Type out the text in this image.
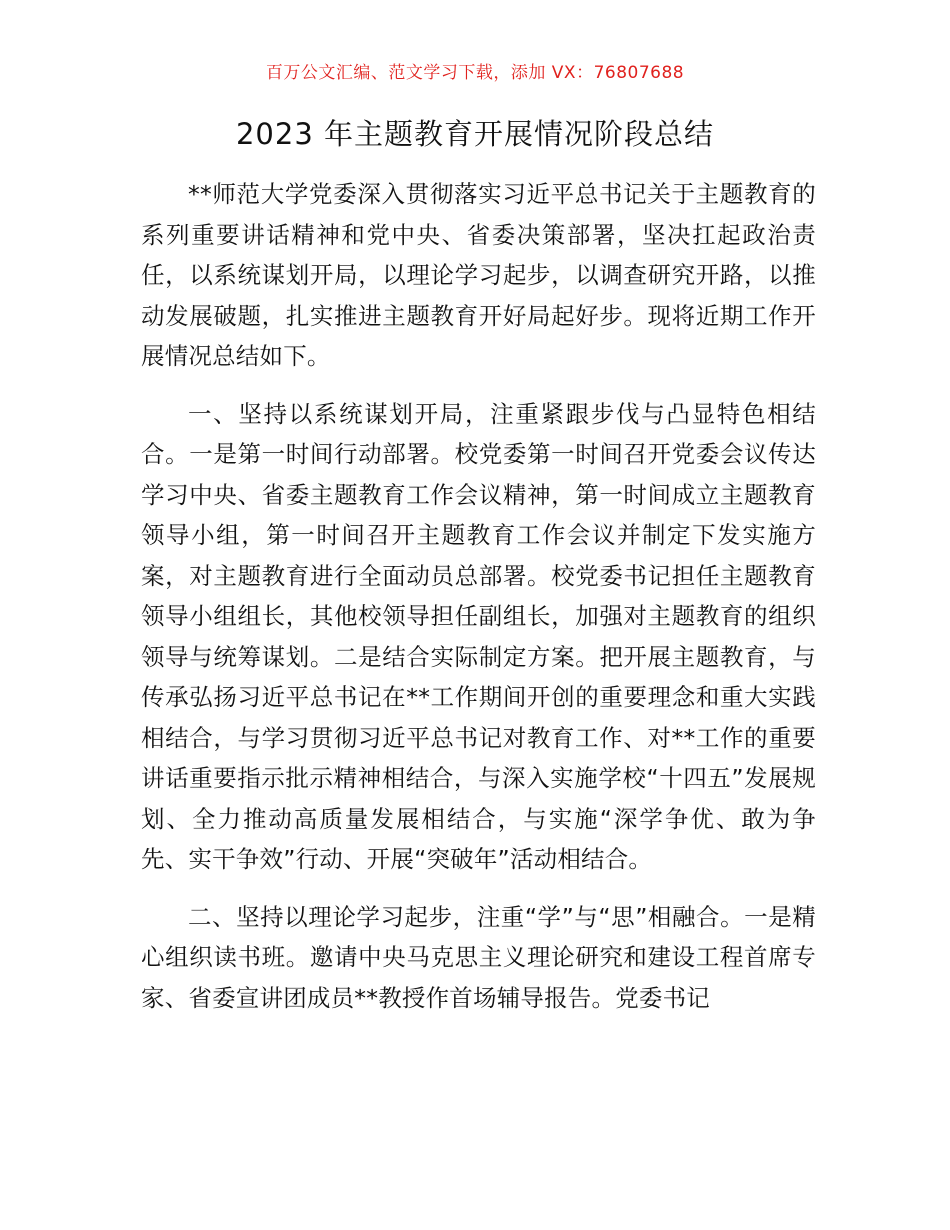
百万公文汇编、范文学习下载，添加 VX：76807688
2023 年主题教育开展情况阶段总结

**师范大学党委深入贯彻落实习近平总书记关于主题教育的系列重要讲话精神和党中央、省委决策部署，坚决扛起政治责任，以系统谋划开局，以理论学习起步，以调查研究开路，以推动发展破题，扎实推进主题教育开好局起好步。现将近期工作开展情况总结如下。

一、坚持以系统谋划开局，注重紧跟步伐与凸显特色相结合。一是第一时间行动部署。校党委第一时间召开党委会议传达学习中央、省委主题教育工作会议精神，第一时间成立主题教育领导小组，第一时间召开主题教育工作会议并制定下发实施方案，对主题教育进行全面动员总部署。校党委书记担任主题教育领导小组组长，其他校领导担任副组长，加强对主题教育的组织领导与统筹谋划。二是结合实际制定方案。把开展主题教育，与传承弘扬习近平总书记在**工作期间开创的重要理念和重大实践相结合，与学习贯彻习近平总书记对教育工作、对**工作的重要讲话重要指示批示精神相结合，与深入实施学校“十四五”发展规划、全力推动高质量发展相结合，与实施“深学争优、敢为争先、实干争效”行动、开展“突破年”活动相结合。

二、坚持以理论学习起步，注重“学”与“思”相融合。一是精心组织读书班。邀请中央马克思主义理论研究和建设工程首席专家、省委宣讲团成员**教授作首场辅导报告。党委书记
